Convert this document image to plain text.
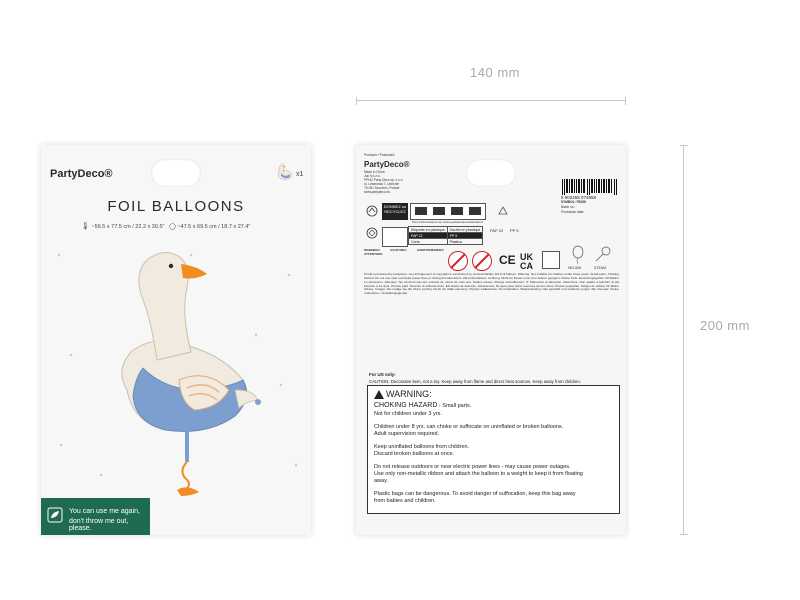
140 mm
200 mm
PartyDeco®	x1
FOIL BALLOONS
🌡 ~56.5 x 77.5 cm / 22.2 x 30.5" ◯ ~47.5 x 69.5 cm / 18.7 x 27.4"
You can use me again,
don't throw me out, please.
Producer / Producent:
PartyDeco®
Made in China
Jun 5 p.z.o.
PPHU Party Deco sp. z o.o.
ul. Limanowa 7, Ustronie
75-051 Szczecin, Poland
www.partydeco.eu
5 902455 074958
SYMBOL: FB200
Batch no.:
Production date:
DONNEZ ou RECYCLEZ
Plus d'informations sur www.quefairedemesdechets.fr
Etiquette en plastique	Sachet en plastique
PAP 22	PP 5
Carta	Plastica
PAP 22 PP 5
WARNING! ACHTUNG! AVERTISSEMENT! ATTENTION!	CE UK CA	HELIUM	STEAM
Product produced by partydeco. Any infringement of copyright is sanctioned by criminal liability. EN Foil balloon. Warning. Not suitable for children under three years. Small parts. Choking hazard. Do not use near overhead power lines or during thunderstorms. DE Folienballons. Achtung. Nicht für Kinder unter drei Jahren geeignet. Kleine Teile. Erstickungsgefahr. FR Ballon en aluminium. Attention. Ne convient pas aux enfants de moins de trois ans. Petites pièces. Risque d'étouffement. IT Palloncino di alluminio. Attenzione. Non adatto a bambini di età inferiore a tre anni. Piccole parti. Pericolo di soffocamento. ES Globo de aluminio. Advertencia. No apto para niños menores de tres años. Piezas pequeñas. Peligro de asfixia. PL Balon foliowy. Uwaga. Nie nadaje się dla dzieci poniżej trzech lat. Małe elementy. Ryzyko zadławienia. NL Folieballon. Waarschuwing. Niet geschikt voor kinderen jonger dan drie jaar. Kleine onderdelen. Verstikkingsgevaar.
For US only:
CAUTION: Decorative item, not a toy. Keep away from flame and direct heat sources. Keep away from children.
WARNING:
CHOKING HAZARD - Small parts.
Not for children under 3 yrs.
Children under 8 yrs. can choke or suffocate on uninflated or broken balloons.
Adult supervision required.
Keep uninflated balloons from children.
Discard broken balloons at once.
Do not release outdoors or near electric power lines - may cause power outages.
Use only non-metallic ribbon and attach the balloon to a weight to keep it from floating
away.
Plastic bags can be dangerous. To avoid danger of suffocation, keep this bag away
from babies and children.
